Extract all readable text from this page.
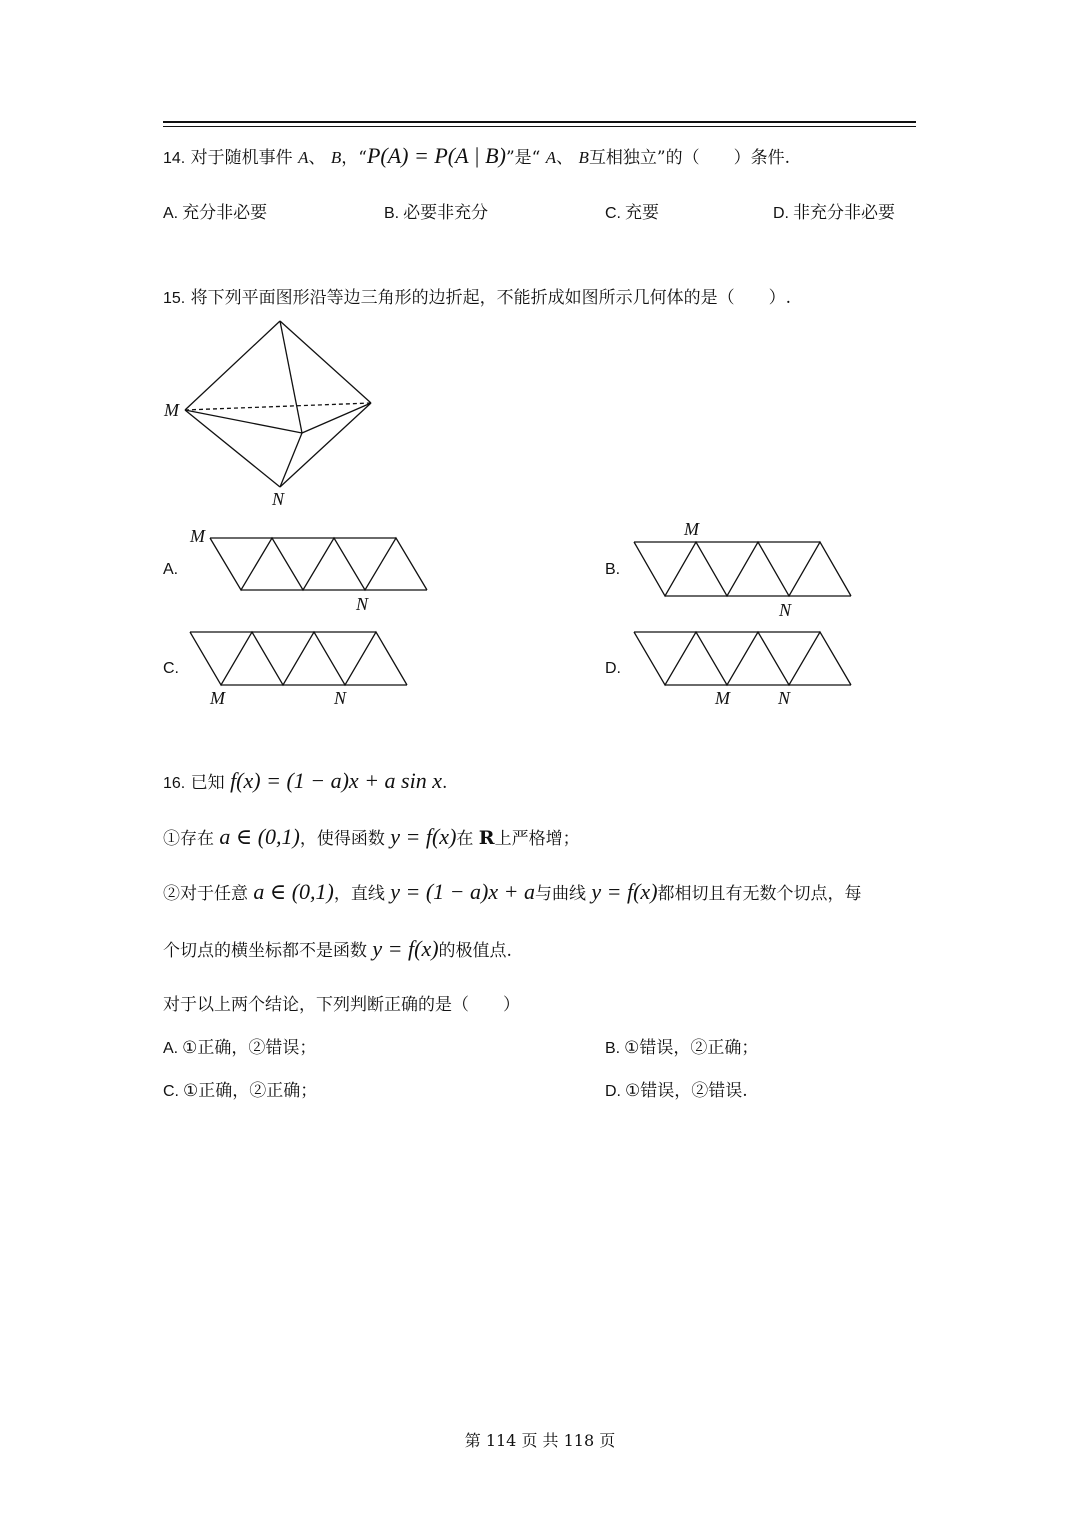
14. 对于随机事件 A、 B，“P(A) = P(A | B)”是“ A、 B互相独立”的（　　）条件.
A. 充分非必要	B. 必要非充分	C. 充要	D. 非充分非必要
15. 将下列平面图形沿等边三角形的边折起，不能折成如图所示几何体的是（　　）.
M
N
A.
M
N
B.
M
N
C.
M	N
D.
M	N
16. 已知 f(x) = (1 − a)x + a sin x.
①存在 a ∈ (0,1)，使得函数 y = f(x)在 R上严格增；
②对于任意 a ∈ (0,1)，直线 y = (1 − a)x + a与曲线 y = f(x)都相切且有无数个切点，每
个切点的横坐标都不是函数 y = f(x)的极值点.
对于以上两个结论，下列判断正确的是（　　）
A. ①正确，②错误；	B. ①错误，②正确；
C. ①正确，②正确；	D. ①错误，②错误.
第 114 页 共 118 页
